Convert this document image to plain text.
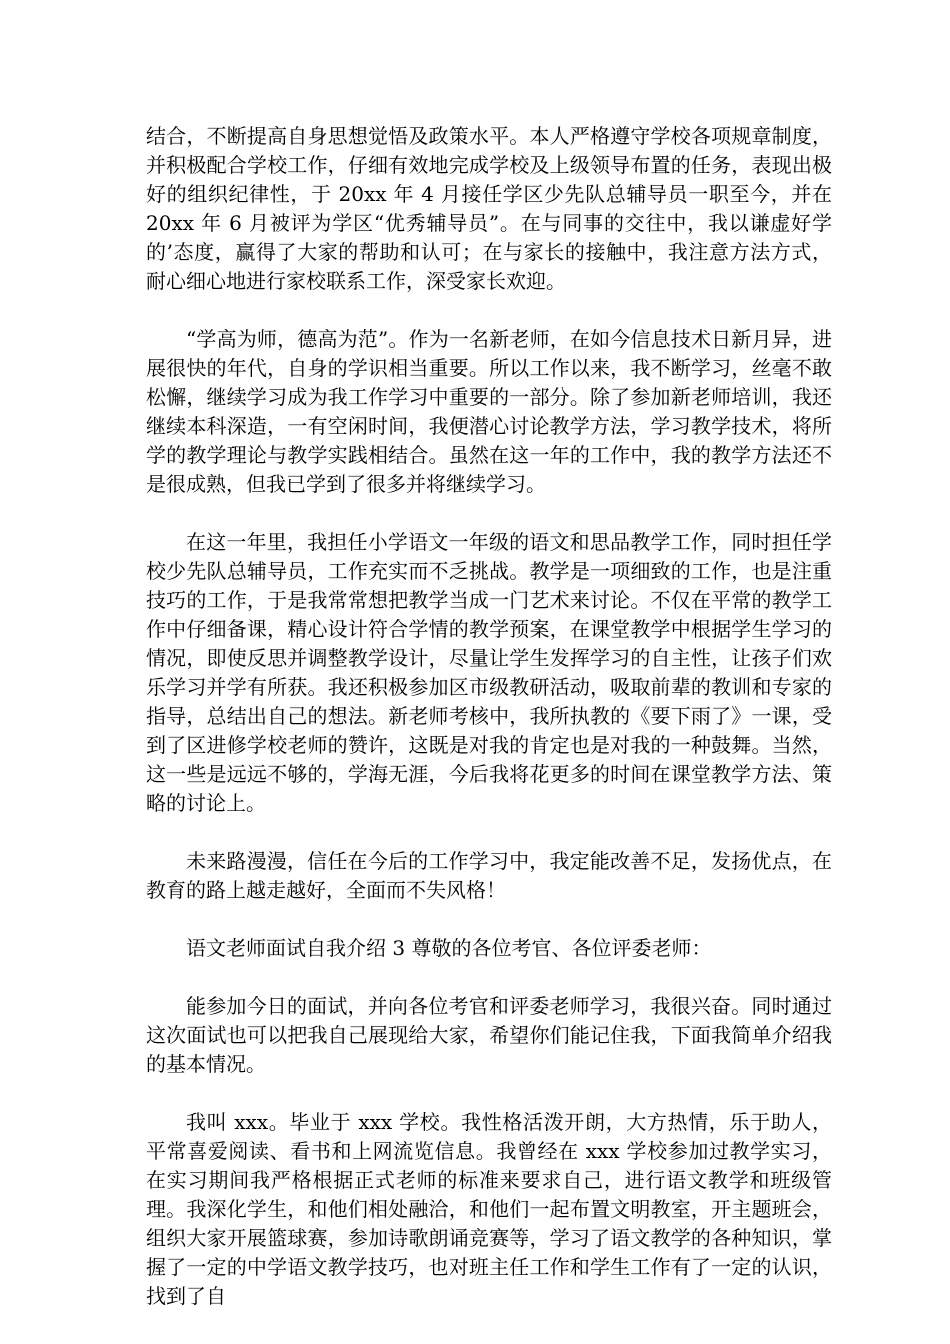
结合，不断提高自身思想觉悟及政策水平。本人严格遵守学校各项规章制度，并积极配合学校工作，仔细有效地完成学校及上级领导布置的任务，表现出极好的组织纪律性，于 20xx 年 4 月接任学区少先队总辅导员一职至今，并在 20xx 年 6 月被评为学区“优秀辅导员”。在与同事的交往中，我以谦虚好学的’态度，赢得了大家的帮助和认可；在与家长的接触中，我注意方法方式，耐心细心地进行家校联系工作，深受家长欢迎。

“学高为师，德高为范”。作为一名新老师，在如今信息技术日新月异，进展很快的年代，自身的学识相当重要。所以工作以来，我不断学习，丝毫不敢松懈，继续学习成为我工作学习中重要的一部分。除了参加新老师培训，我还继续本科深造，一有空闲时间，我便潜心讨论教学方法，学习教学技术，将所学的教学理论与教学实践相结合。虽然在这一年的工作中，我的教学方法还不是很成熟，但我已学到了很多并将继续学习。

在这一年里，我担任小学语文一年级的语文和思品教学工作，同时担任学校少先队总辅导员，工作充实而不乏挑战。教学是一项细致的工作，也是注重技巧的工作，于是我常常想把教学当成一门艺术来讨论。不仅在平常的教学工作中仔细备课，精心设计符合学情的教学预案，在课堂教学中根据学生学习的情况，即使反思并调整教学设计，尽量让学生发挥学习的自主性，让孩子们欢乐学习并学有所获。我还积极参加区市级教研活动，吸取前辈的教训和专家的指导，总结出自己的想法。新老师考核中，我所执教的《要下雨了》一课，受到了区进修学校老师的赞许，这既是对我的肯定也是对我的一种鼓舞。当然，这一些是远远不够的，学海无涯，今后我将花更多的时间在课堂教学方法、策略的讨论上。

未来路漫漫，信任在今后的工作学习中，我定能改善不足，发扬优点，在教育的路上越走越好，全面而不失风格！

语文老师面试自我介绍 3 尊敬的各位考官、各位评委老师：

能参加今日的面试，并向各位考官和评委老师学习，我很兴奋。同时通过这次面试也可以把我自己展现给大家，希望你们能记住我，下面我简单介绍我的基本情况。

我叫 xxx。毕业于 xxx 学校。我性格活泼开朗，大方热情，乐于助人，平常喜爱阅读、看书和上网流览信息。我曾经在 xxx 学校参加过教学实习，在实习期间我严格根据正式老师的标准来要求自己，进行语文教学和班级管理。我深化学生，和他们相处融洽，和他们一起布置文明教室，开主题班会，组织大家开展篮球赛，参加诗歌朗诵竞赛等，学习了语文教学的各种知识，掌握了一定的中学语文教学技巧，也对班主任工作和学生工作有了一定的认识，找到了自
